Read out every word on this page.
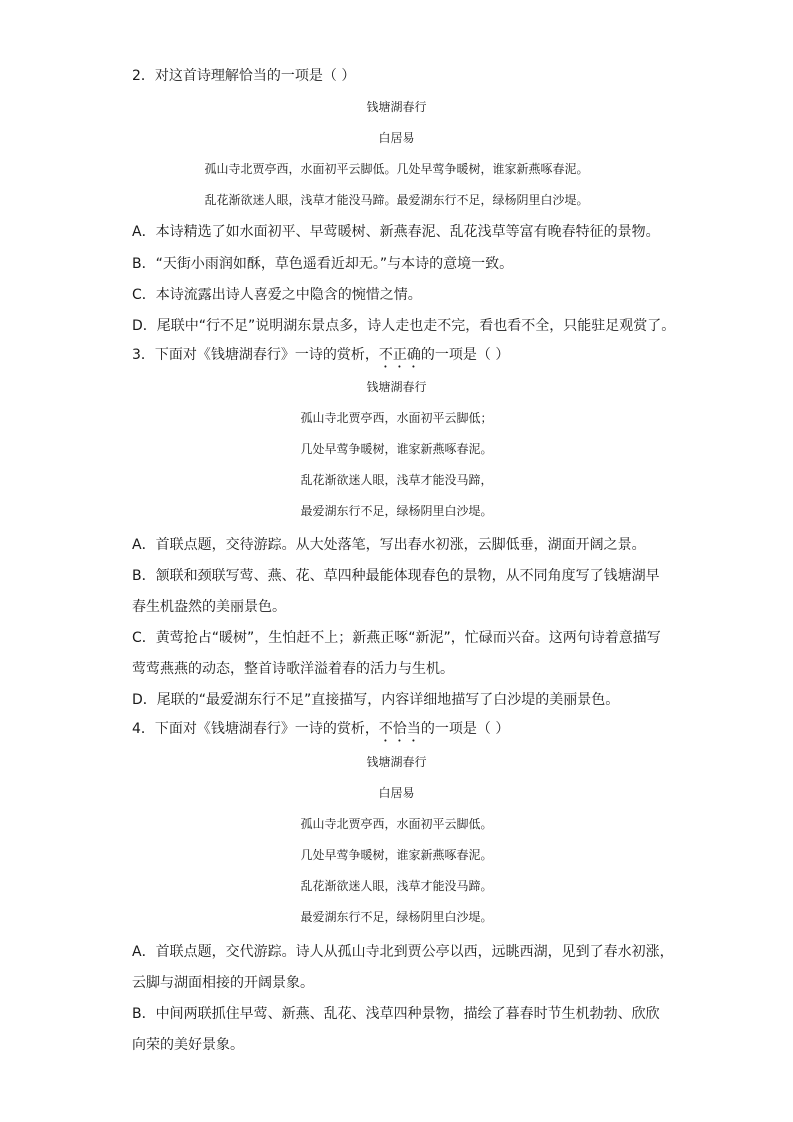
2．对这首诗理解恰当的一项是（ ）
钱塘湖春行
白居易
孤山寺北贾亭西，水面初平云脚低。几处早莺争暖树，谁家新燕啄春泥。
乱花渐欲迷人眼，浅草才能没马蹄。最爱湖东行不足，绿杨阴里白沙堤。
A．本诗精选了如水面初平、早莺暖树、新燕春泥、乱花浅草等富有晚春特征的景物。
B．“天街小雨润如酥，草色遥看近却无。”与本诗的意境一致。
C．本诗流露出诗人喜爱之中隐含的惋惜之情。
D．尾联中“行不足”说明湖东景点多，诗人走也走不完，看也看不全，只能驻足观赏了。
3．下面对《钱塘湖春行》一诗的赏析，不正确的一项是（ ）
钱塘湖春行
孤山寺北贾亭西，水面初平云脚低；
几处早莺争暖树，谁家新燕啄春泥。
乱花渐欲迷人眼，浅草才能没马蹄，
最爱湖东行不足，绿杨阴里白沙堤。
A．首联点题，交待游踪。从大处落笔，写出春水初涨，云脚低垂，湖面开阔之景。
B．颔联和颈联写莺、燕、花、草四种最能体现春色的景物，从不同角度写了钱塘湖早
春生机盎然的美丽景色。
C．黄莺抢占“暖树”，生怕赶不上；新燕正啄“新泥”，忙碌而兴奋。这两句诗着意描写
莺莺燕燕的动态，整首诗歌洋溢着春的活力与生机。
D．尾联的“最爱湖东行不足”直接描写，内容详细地描写了白沙堤的美丽景色。
4．下面对《钱塘湖春行》一诗的赏析，不恰当的一项是（ ）
钱塘湖春行
白居易
孤山寺北贾亭西，水面初平云脚低。
几处早莺争暖树，谁家新燕啄春泥。
乱花渐欲迷人眼，浅草才能没马蹄。
最爱湖东行不足，绿杨阴里白沙堤。
A．首联点题，交代游踪。诗人从孤山寺北到贾公亭以西，远眺西湖，见到了春水初涨，
云脚与湖面相接的开阔景象。
B．中间两联抓住早莺、新燕、乱花、浅草四种景物，描绘了暮春时节生机勃勃、欣欣
向荣的美好景象。
